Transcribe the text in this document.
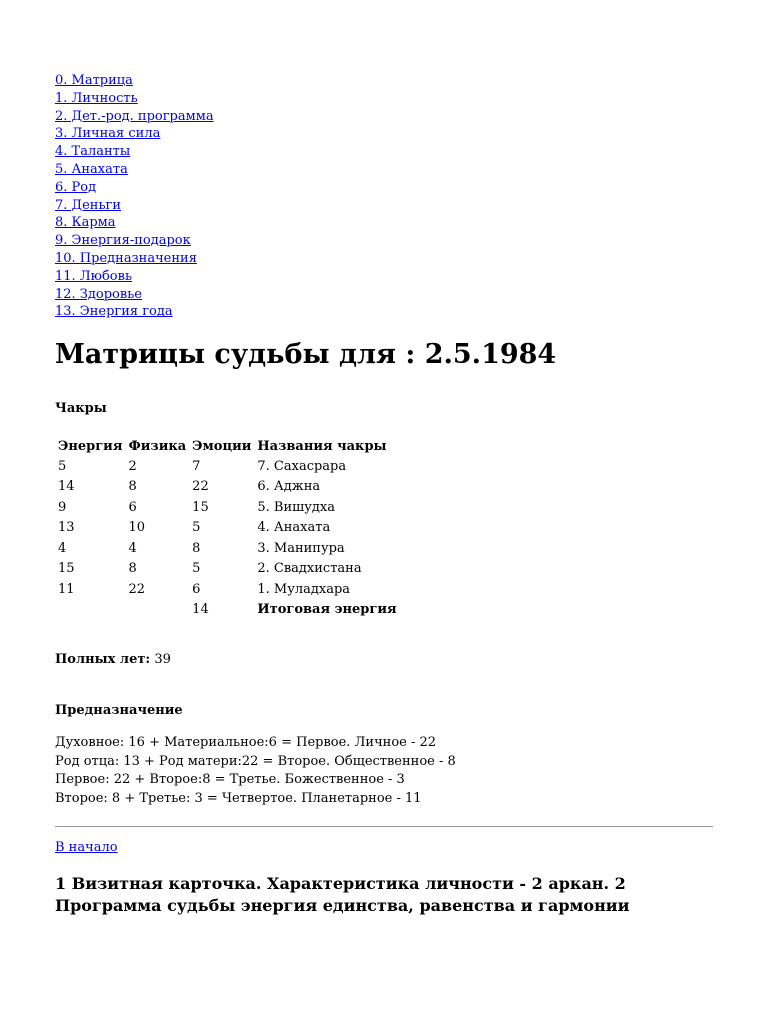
0. Матрица
1. Личность
2. Дет.-род. программа
3. Личная сила
4. Таланты
5. Анахата
6. Род
7. Деньги
8. Карма
9. Энергия-подарок
10. Предназначения
11. Любовь
12. Здоровье
13. Энергия года
Матрицы судьбы для : 2.5.1984
Чакры
Энергия	Физика	Эмоции	Названия чакры
5	2	7	7. Сахасрара
14	8	22	6. Аджна
9	6	15	5. Вишудха
13	10	5	4. Анахата
4	4	8	3. Манипура
15	8	5	2. Свадхистана
11	22	6	1. Муладхара
		14	Итоговая энергия
Полных лет: 39
Предназначение
Духовное: 16 + Материальное:6 = Первое. Личное - 22
Род отца: 13 + Род матери:22 = Второе. Общественное - 8
Первое: 22 + Второе:8 = Третье. Божественное - 3
Второе: 8 + Третье: 3 = Четвертое. Планетарное - 11
В начало
1 Визитная карточка. Характеристика личности - 2 аркан. 2 Программа судьбы энергия единства, равенства и гармонии
